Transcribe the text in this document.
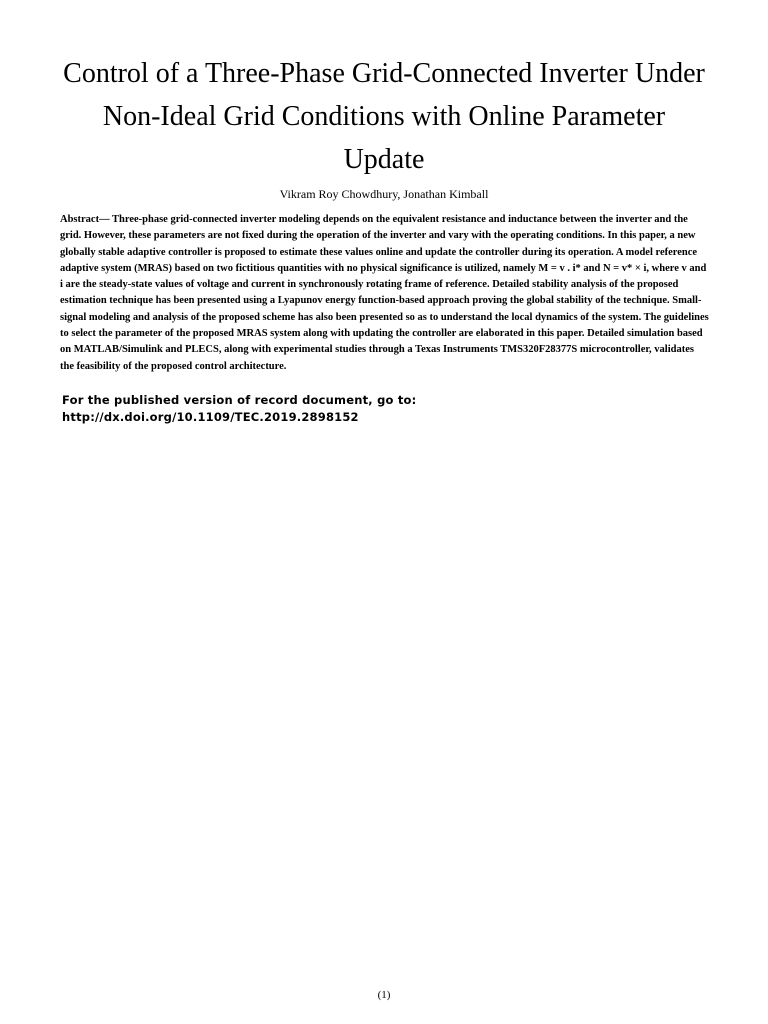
Control of a Three-Phase Grid-Connected Inverter Under Non-Ideal Grid Conditions with Online Parameter Update
Vikram Roy Chowdhury, Jonathan Kimball

Abstract— Three-phase grid-connected inverter modeling depends on the equivalent resistance and inductance between the inverter and the grid. However, these parameters are not fixed during the operation of the inverter and vary with the operating conditions. In this paper, a new globally stable adaptive controller is proposed to estimate these values online and update the controller during its operation. A model reference adaptive system (MRAS) based on two fictitious quantities with no physical significance is utilized, namely M = v . i* and N = v* × i, where v and i are the steady-state values of voltage and current in synchronously rotating frame of reference. Detailed stability analysis of the proposed estimation technique has been presented using a Lyapunov energy function-based approach proving the global stability of the technique. Small-signal modeling and analysis of the proposed scheme has also been presented so as to understand the local dynamics of the system. The guidelines to select the parameter of the proposed MRAS system along with updating the controller are elaborated in this paper. Detailed simulation based on MATLAB/Simulink and PLECS, along with experimental studies through a Texas Instruments TMS320F28377S microcontroller, validates the feasibility of the proposed control architecture.

For the published version of record document, go to:
http://dx.doi.org/10.1109/TEC.2019.2898152
(1)
